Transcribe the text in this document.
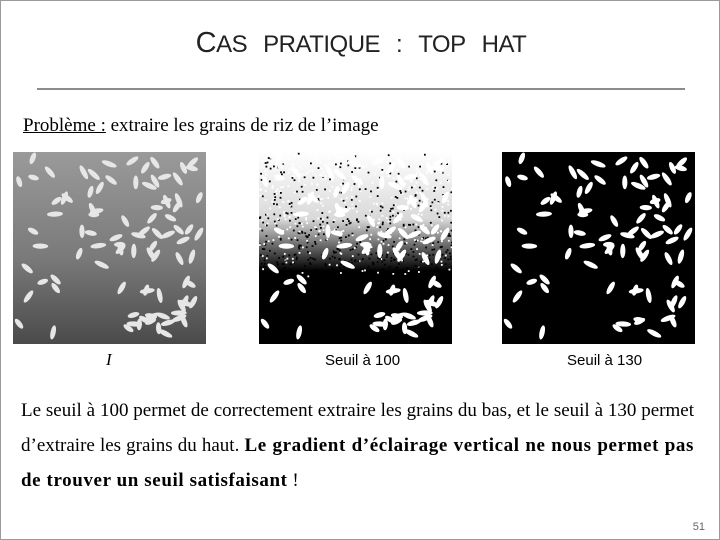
CAS PRATIQUE : TOP HAT
Problème : extraire les grains de riz de l’image
I	Seuil à 100	Seuil à 130
Le seuil à 100 permet de correctement extraire les grains du bas, et le seuil à 130 permet d’extraire les grains du haut. Le gradient d’éclairage vertical ne nous permet pas de trouver un seuil satisfaisant !
51
